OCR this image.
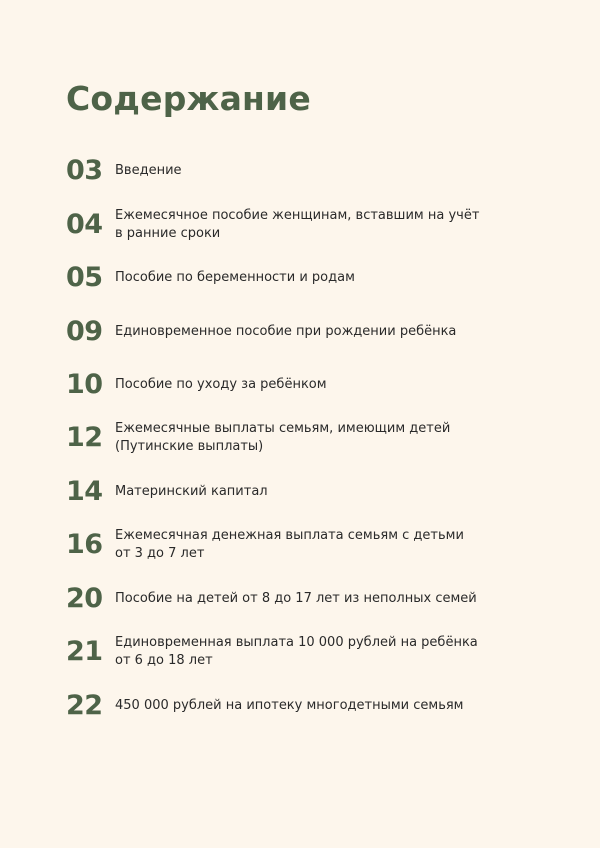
Содержание
03 Введение
04 Ежемесячное пособие женщинам, вставшим на учёт
в ранние сроки
05 Пособие по беременности и родам
09 Единовременное пособие при рождении ребёнка
10 Пособие по уходу за ребёнком
12 Ежемесячные выплаты семьям, имеющим детей
(Путинские выплаты)
14 Материнский капитал
16 Ежемесячная денежная выплата семьям с детьми
от 3 до 7 лет
20 Пособие на детей от 8 до 17 лет из неполных семей
21 Единовременная выплата 10 000 рублей на ребёнка
от 6 до 18 лет
22 450 000 рублей на ипотеку многодетными семьям
